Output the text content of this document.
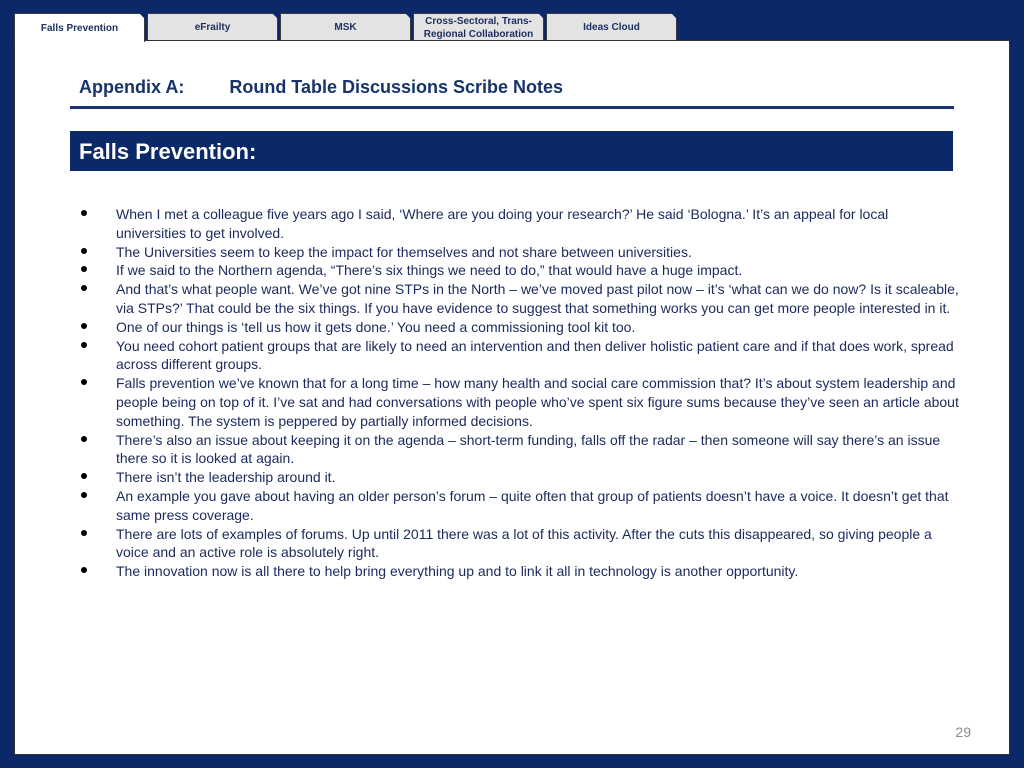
Falls Prevention	eFrailty	MSK
Cross-Sectoral, Trans-Regional Collaboration
Ideas Cloud
Appendix A:	Round Table Discussions Scribe Notes
Falls Prevention:
When I met a colleague five years ago I said, ‘Where are you doing your research?’ He said ‘Bologna.’ It’s an appeal for local universities to get involved.
The Universities seem to keep the impact for themselves and not share between universities.
If we said to the Northern agenda, “There’s six things we need to do,” that would have a huge impact.
And that’s what people want. We’ve got nine STPs in the North – we’ve moved past pilot now – it’s ‘what can we do now? Is it scaleable, via STPs?’ That could be the six things. If you have evidence to suggest that something works you can get more people interested in it.
One of our things is ‘tell us how it gets done.’ You need a commissioning tool kit too.
You need cohort patient groups that are likely to need an intervention and then deliver holistic patient care and if that does work, spread across different groups.
Falls prevention we’ve known that for a long time – how many health and social care commission that? It’s about system leadership and people being on top of it. I’ve sat and had conversations with people who’ve spent six figure sums because they’ve seen an article about something. The system is peppered by partially informed decisions.
There’s also an issue about keeping it on the agenda – short-term funding, falls off the radar – then someone will say there’s an issue there so it is looked at again.
There isn’t the leadership around it.
An example you gave about having an older person’s forum – quite often that group of patients doesn’t have a voice. It doesn’t get that same press coverage.
There are lots of examples of forums. Up until 2011 there was a lot of this activity. After the cuts this disappeared, so giving people a voice and an active role is absolutely right.
The innovation now is all there to help bring everything up and to link it all in technology is another opportunity.
29
